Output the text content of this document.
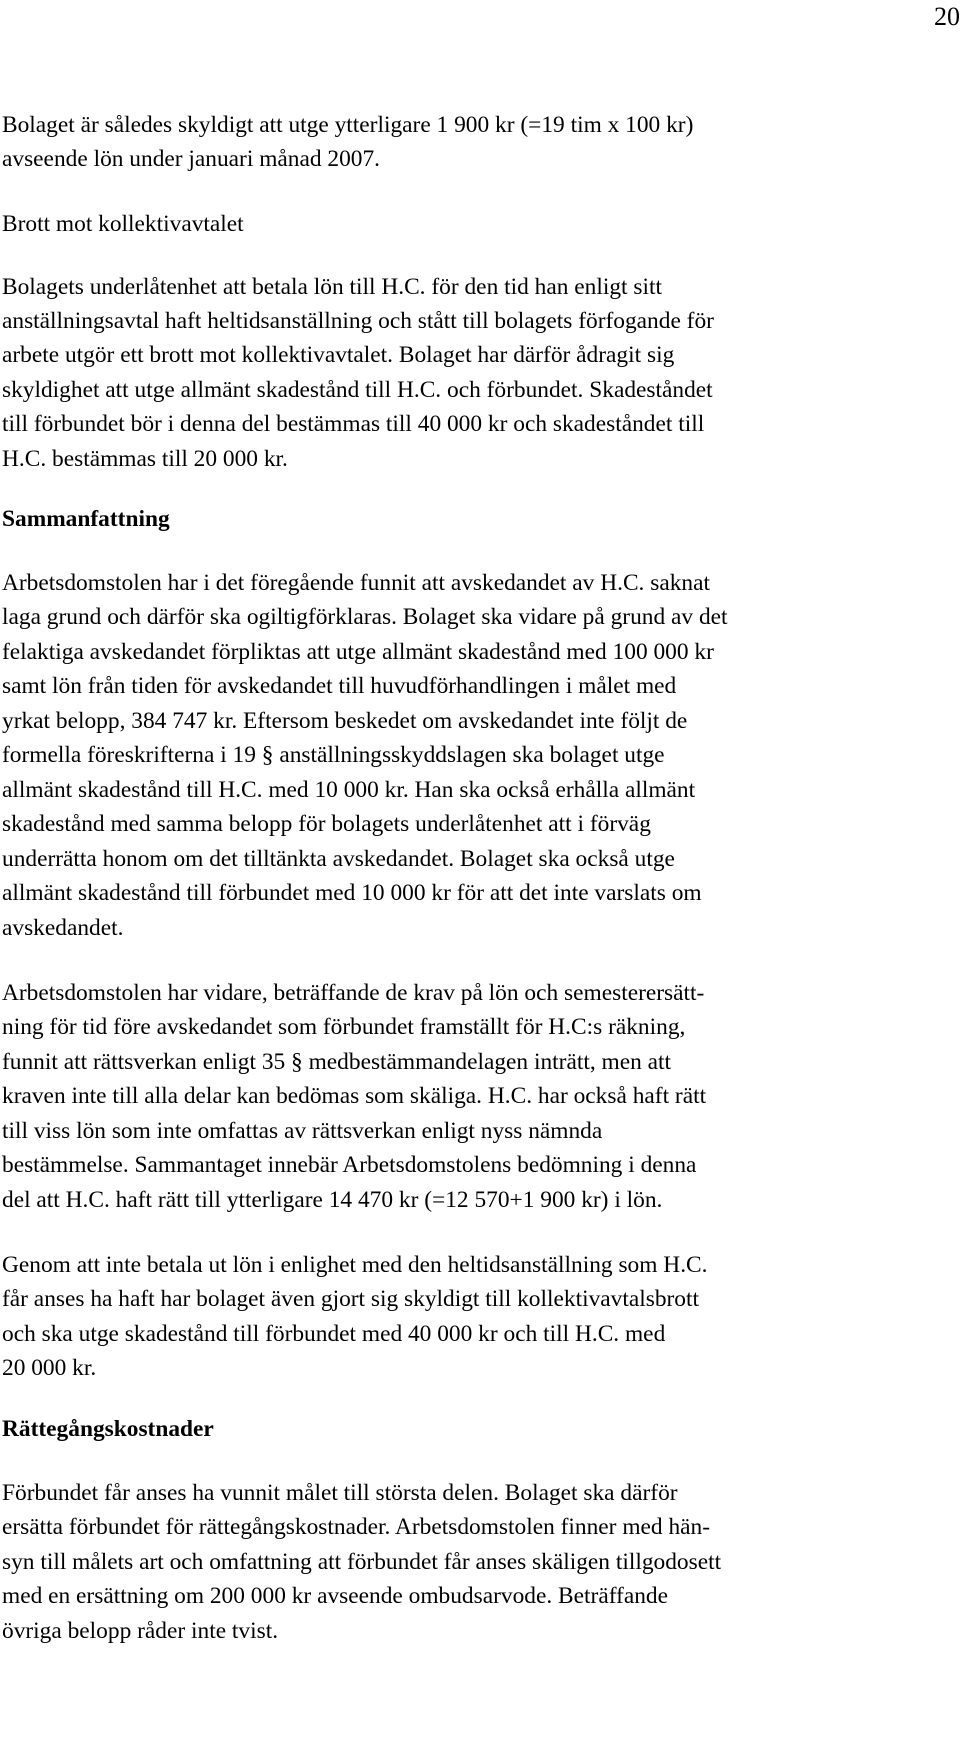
20
Bolaget är således skyldigt att utge ytterligare 1 900 kr (=19 tim x 100 kr)
avseende lön under januari månad 2007.
Brott mot kollektivavtalet
Bolagets underlåtenhet att betala lön till H.C. för den tid han enligt sitt
anställningsavtal haft heltidsanställning och stått till bolagets förfogande för
arbete utgör ett brott mot kollektivavtalet. Bolaget har därför ådragit sig
skyldighet att utge allmänt skadestånd till H.C. och förbundet. Skadeståndet
till förbundet bör i denna del bestämmas till 40 000 kr och skadeståndet till
H.C. bestämmas till 20 000 kr.
Sammanfattning
Arbetsdomstolen har i det föregående funnit att avskedandet av H.C. saknat
laga grund och därför ska ogiltigförklaras. Bolaget ska vidare på grund av det
felaktiga avskedandet förpliktas att utge allmänt skadestånd med 100 000 kr
samt lön från tiden för avskedandet till huvudförhandlingen i målet med
yrkat belopp, 384 747 kr. Eftersom beskedet om avskedandet inte följt de
formella föreskrifterna i 19 § anställningsskyddslagen ska bolaget utge
allmänt skadestånd till H.C. med 10 000 kr. Han ska också erhålla allmänt
skadestånd med samma belopp för bolagets underlåtenhet att i förväg
underrätta honom om det tilltänkta avskedandet. Bolaget ska också utge
allmänt skadestånd till förbundet med 10 000 kr för att det inte varslats om
avskedandet.
Arbetsdomstolen har vidare, beträffande de krav på lön och semesterersätt-
ning för tid före avskedandet som förbundet framställt för H.C:s räkning,
funnit att rättsverkan enligt 35 § medbestämmandelagen inträtt, men att
kraven inte till alla delar kan bedömas som skäliga. H.C. har också haft rätt
till viss lön som inte omfattas av rättsverkan enligt nyss nämnda
bestämmelse. Sammantaget innebär Arbetsdomstolens bedömning i denna
del att H.C. haft rätt till ytterligare 14 470 kr (=12 570+1 900 kr) i lön.
Genom att inte betala ut lön i enlighet med den heltidsanställning som H.C.
får anses ha haft har bolaget även gjort sig skyldigt till kollektivavtalsbrott
och ska utge skadestånd till förbundet med 40 000 kr och till H.C. med
20 000 kr.
Rättegångskostnader
Förbundet får anses ha vunnit målet till största delen. Bolaget ska därför
ersätta förbundet för rättegångskostnader. Arbetsdomstolen finner med hän-
syn till målets art och omfattning att förbundet får anses skäligen tillgodosett
med en ersättning om 200 000 kr avseende ombudsarvode. Beträffande
övriga belopp råder inte tvist.
